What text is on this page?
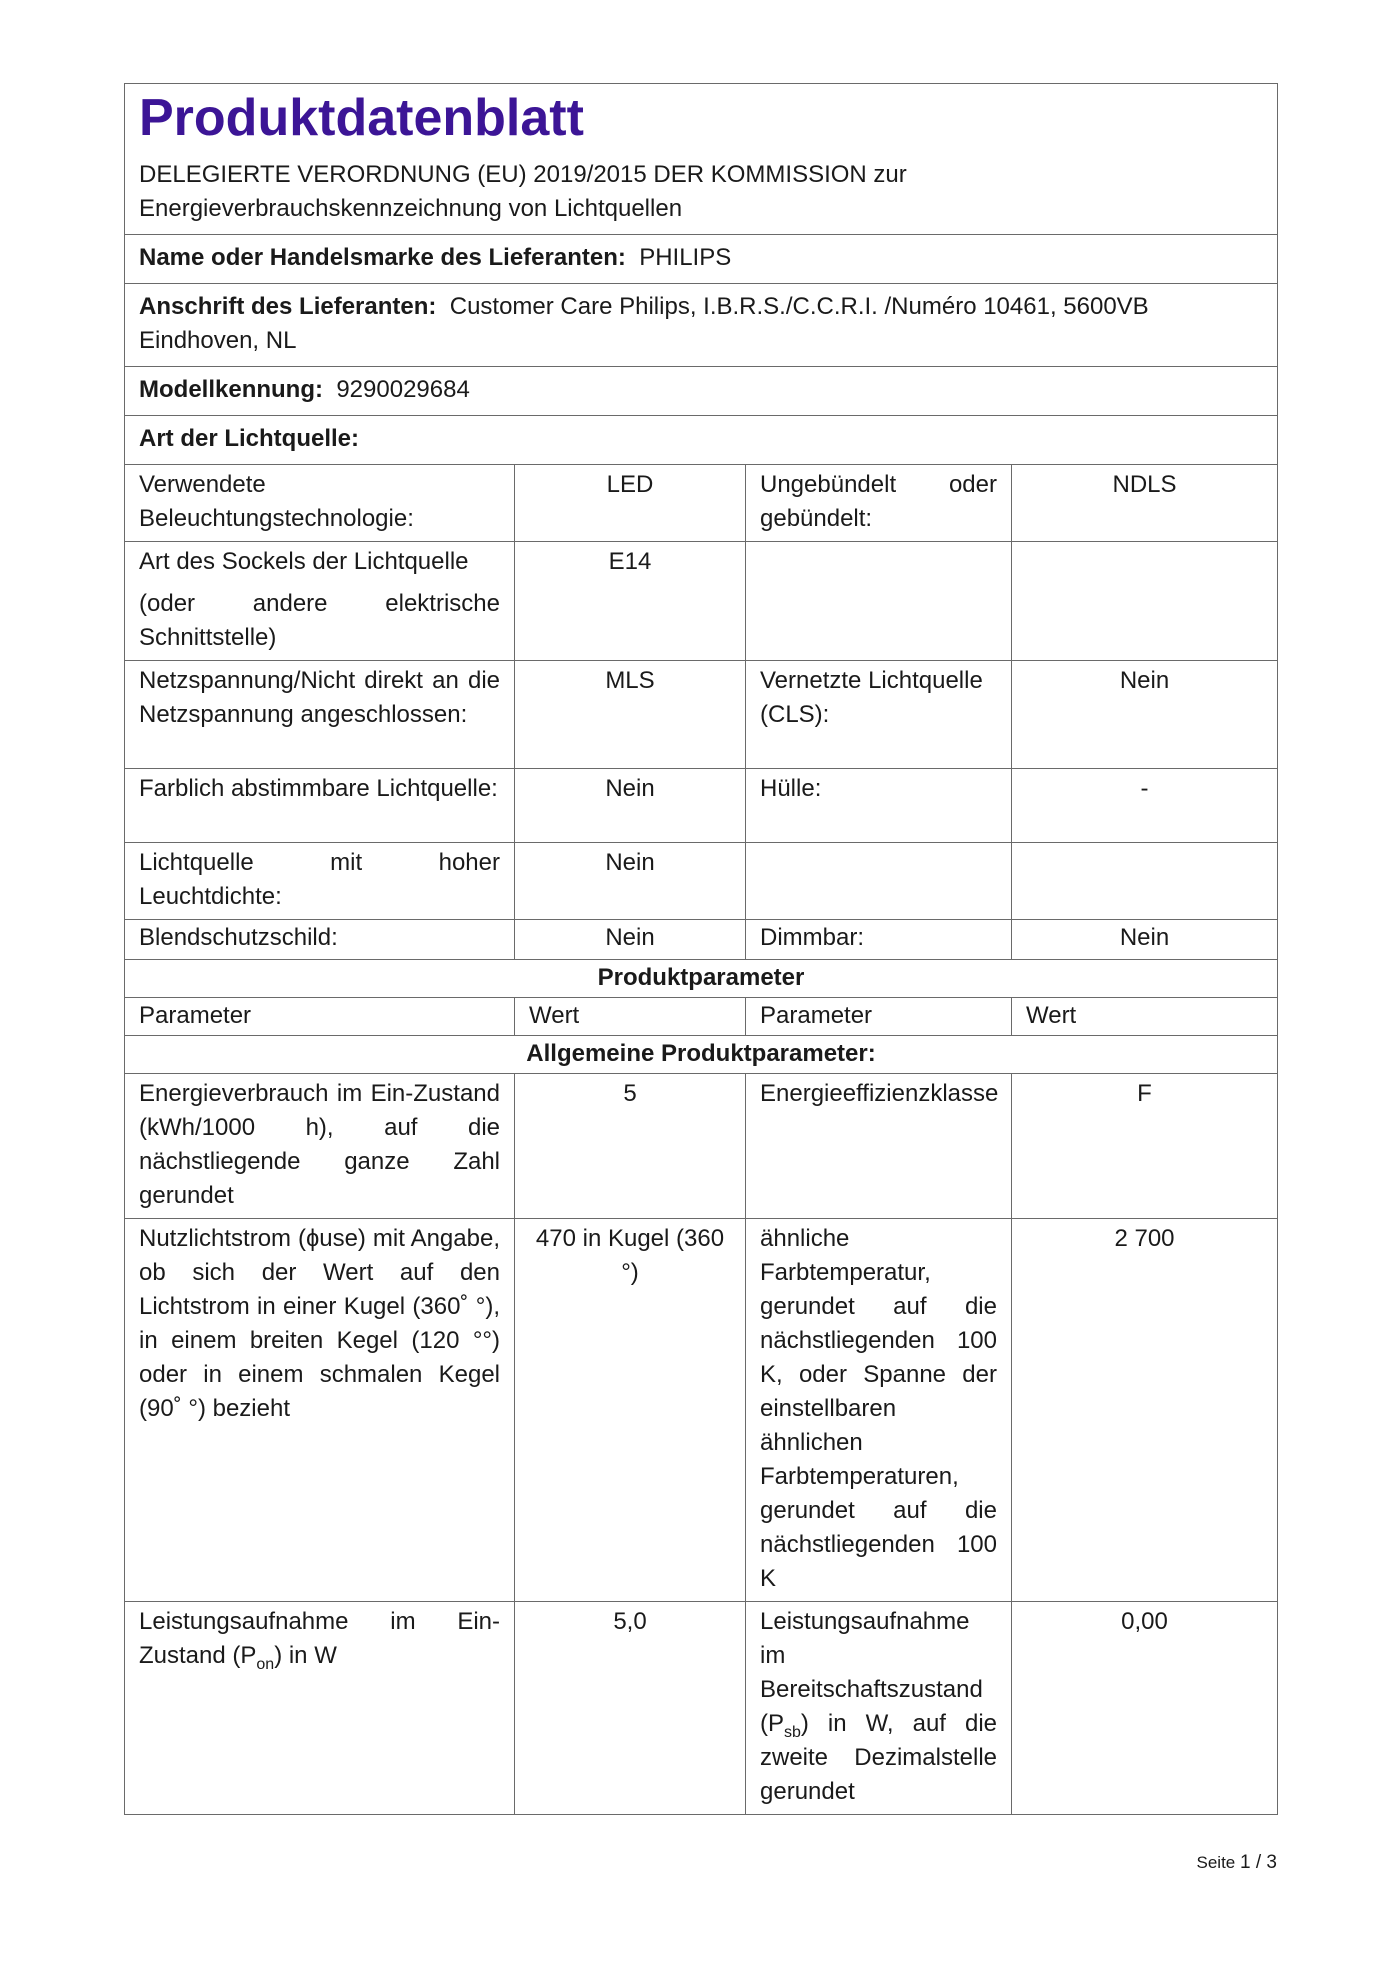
Produktdatenblatt
DELEGIERTE VERORDNUNG (EU) 2019/2015 DER KOMMISSION zur Energieverbrauchskennzeichnung von Lichtquellen			

Name oder Handelsmarke des Lieferanten: PHILIPS			
Anschrift des Lieferanten: Customer Care Philips, I.B.R.S./C.C.R.I. /Numéro 10461, 5600VB Eindhoven, NL			
Modellkennung: 9290029684			
Art der Lichtquelle:			
Verwendete Beleuchtungstechnologie:	LED	Ungebündelt oder gebündelt:	NDLS

Art des Sockels der Lichtquelle
(oder andere elektrische Schnittstelle)	E14		
Netzspannung/Nicht direkt an die Netzspannung angeschlossen:	MLS	Vernetzte Lichtquelle (CLS):	Nein
Farblich abstimmbare Lichtquelle:	Nein	Hülle:	-
Lichtquelle mit hoher Leuchtdichte:	Nein		
Blendschutzschild:	Nein	Dimmbar:	Nein
Produktparameter			
Parameter	Wert	Parameter	Wert
Allgemeine Produktparameter:			
Energieverbrauch im Ein-Zustand (kWh/1000 h), auf die nächstliegende ganze Zahl gerundet	5	Energieeffizienzklasse	F
Nutzlichtstrom (ɸuse) mit Angabe, ob sich der Wert auf den Lichtstrom in einer Kugel (360˚ °), in einem breiten Kegel (120 °°) oder in einem schmalen Kegel (90˚ °) bezieht	470 in Kugel (360 °)	ähnliche Farbtemperatur, gerundet auf die nächstliegenden 100 K, oder Spanne der einstellbaren ähnlichen Farbtemperaturen, gerundet auf die nächstliegenden 100 K	2 700
Leistungsaufnahme im Ein-Zustand $(P_{on})$ in W	5,0	Leistungsaufnahme im Bereitschaftszustand $(P_{sb})$ in W, auf die zweite Dezimalstelle gerundet	0,00
Seite 1 / 3
